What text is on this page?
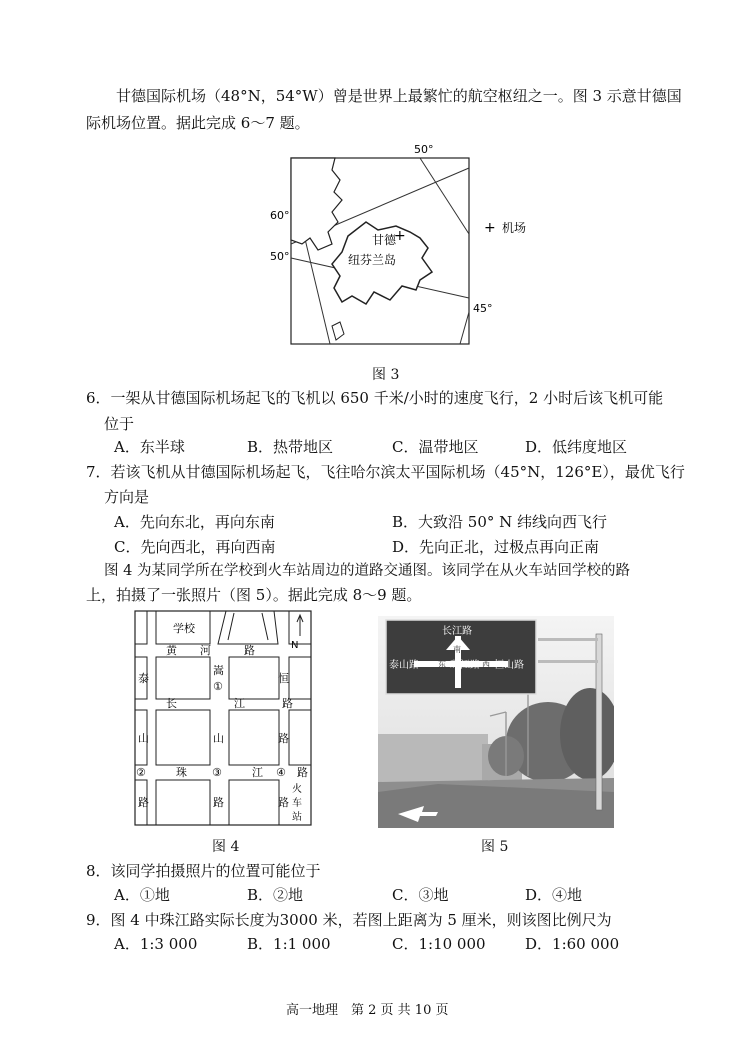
甘德国际机场（48°N，54°W）曾是世界上最繁忙的航空枢纽之一。图 3 示意甘德国
际机场位置。据此完成 6～7 题。
50°
60°
50°
45°
甘德
+
纽芬兰岛
+ 机场
图 3
6．一架从甘德国际机场起飞的飞机以 650 千米/小时的速度飞行，2 小时后该飞机可能
位于
A．东半球	B．热带地区	C．温带地区	D．低纬度地区
7．若该飞机从甘德国际机场起飞，飞往哈尔滨太平国际机场（45°N，126°E），最优飞行
方向是
A．先向东北，再向东南	B．大致沿 50° N 纬线向西飞行
C．先向西北，再向西南	D．先向正北，过极点再向正南
图 4 为某同学所在学校到火车站周边的道路交通图。该同学在从火车站回学校的路
上，拍摄了一张照片（图 5）。据此完成 8～9 题。
N
学校
黄 河	路
长	江	路
②	珠 ③	江 ④ 路
泰
山
路
嵩
①
山
路
恒
路
路
火
车
站
图 4
长江路
南
泰山路 东 珠江路 西 恒山路
图 5
8．该同学拍摄照片的位置可能位于
A．①地	B．②地	C．③地	D．④地
9．图 4 中珠江路实际长度为3000 米，若图上距离为 5 厘米，则该图比例尺为
A．1:3 000	B．1:1 000	C．1:10 000	D．1:60 000
高一地理　第 2 页 共 10 页
